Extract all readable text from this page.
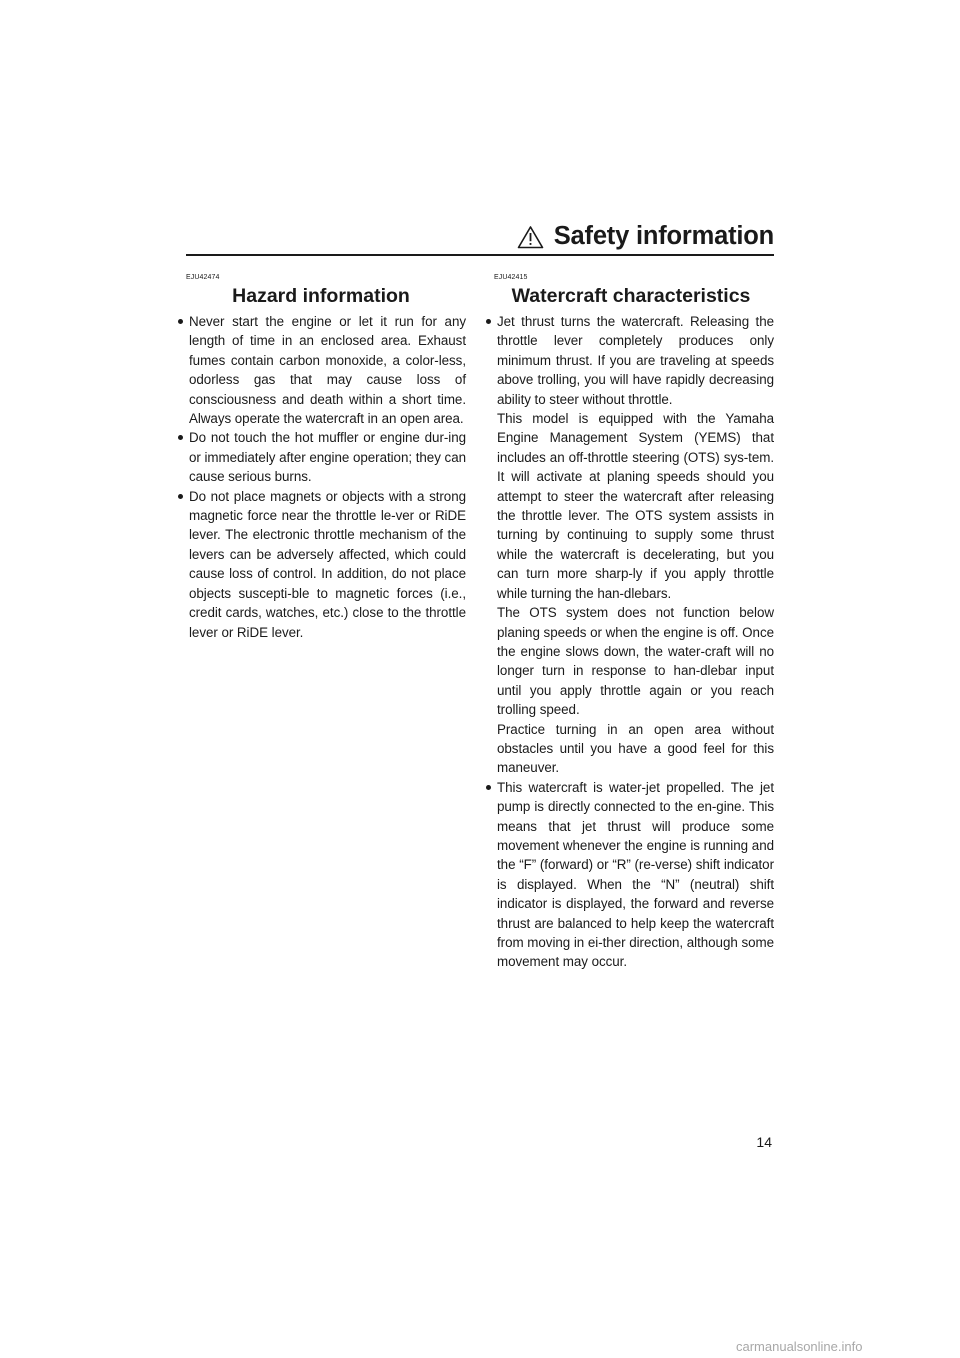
Safety information
EJU42474
Hazard information

Never start the engine or let it run for any length of time in an enclosed area. Exhaust fumes contain carbon monoxide, a color-less, odorless gas that may cause loss of consciousness and death within a short time. Always operate the watercraft in an open area.

Do not touch the hot muffler or engine dur-ing or immediately after engine operation; they can cause serious burns.

Do not place magnets or objects with a strong magnetic force near the throttle le-ver or RiDE lever. The electronic throttle mechanism of the levers can be adversely affected, which could cause loss of control. In addition, do not place objects suscepti-ble to magnetic forces (i.e., credit cards, watches, etc.) close to the throttle lever or RiDE lever.

EJU42415
Watercraft characteristics

Jet thrust turns the watercraft. Releasing the throttle lever completely produces only minimum thrust. If you are traveling at speeds above trolling, you will have rapidly decreasing ability to steer without throttle.

This model is equipped with the Yamaha Engine Management System (YEMS) that includes an off-throttle steering (OTS) sys-tem. It will activate at planing speeds should you attempt to steer the watercraft after releasing the throttle lever. The OTS system assists in turning by continuing to supply some thrust while the watercraft is decelerating, but you can turn more sharp-ly if you apply throttle while turning the han-dlebars.

The OTS system does not function below planing speeds or when the engine is off. Once the engine slows down, the water-craft will no longer turn in response to han-dlebar input until you apply throttle again or you reach trolling speed.

Practice turning in an open area without obstacles until you have a good feel for this maneuver.

This watercraft is water-jet propelled. The jet pump is directly connected to the en-gine. This means that jet thrust will produce some movement whenever the engine is running and the “F” (forward) or “R” (re-verse) shift indicator is displayed. When the “N” (neutral) shift indicator is displayed, the forward and reverse thrust are balanced to help keep the watercraft from moving in ei-ther direction, although some movement may occur.

14
carmanualsonline.info
